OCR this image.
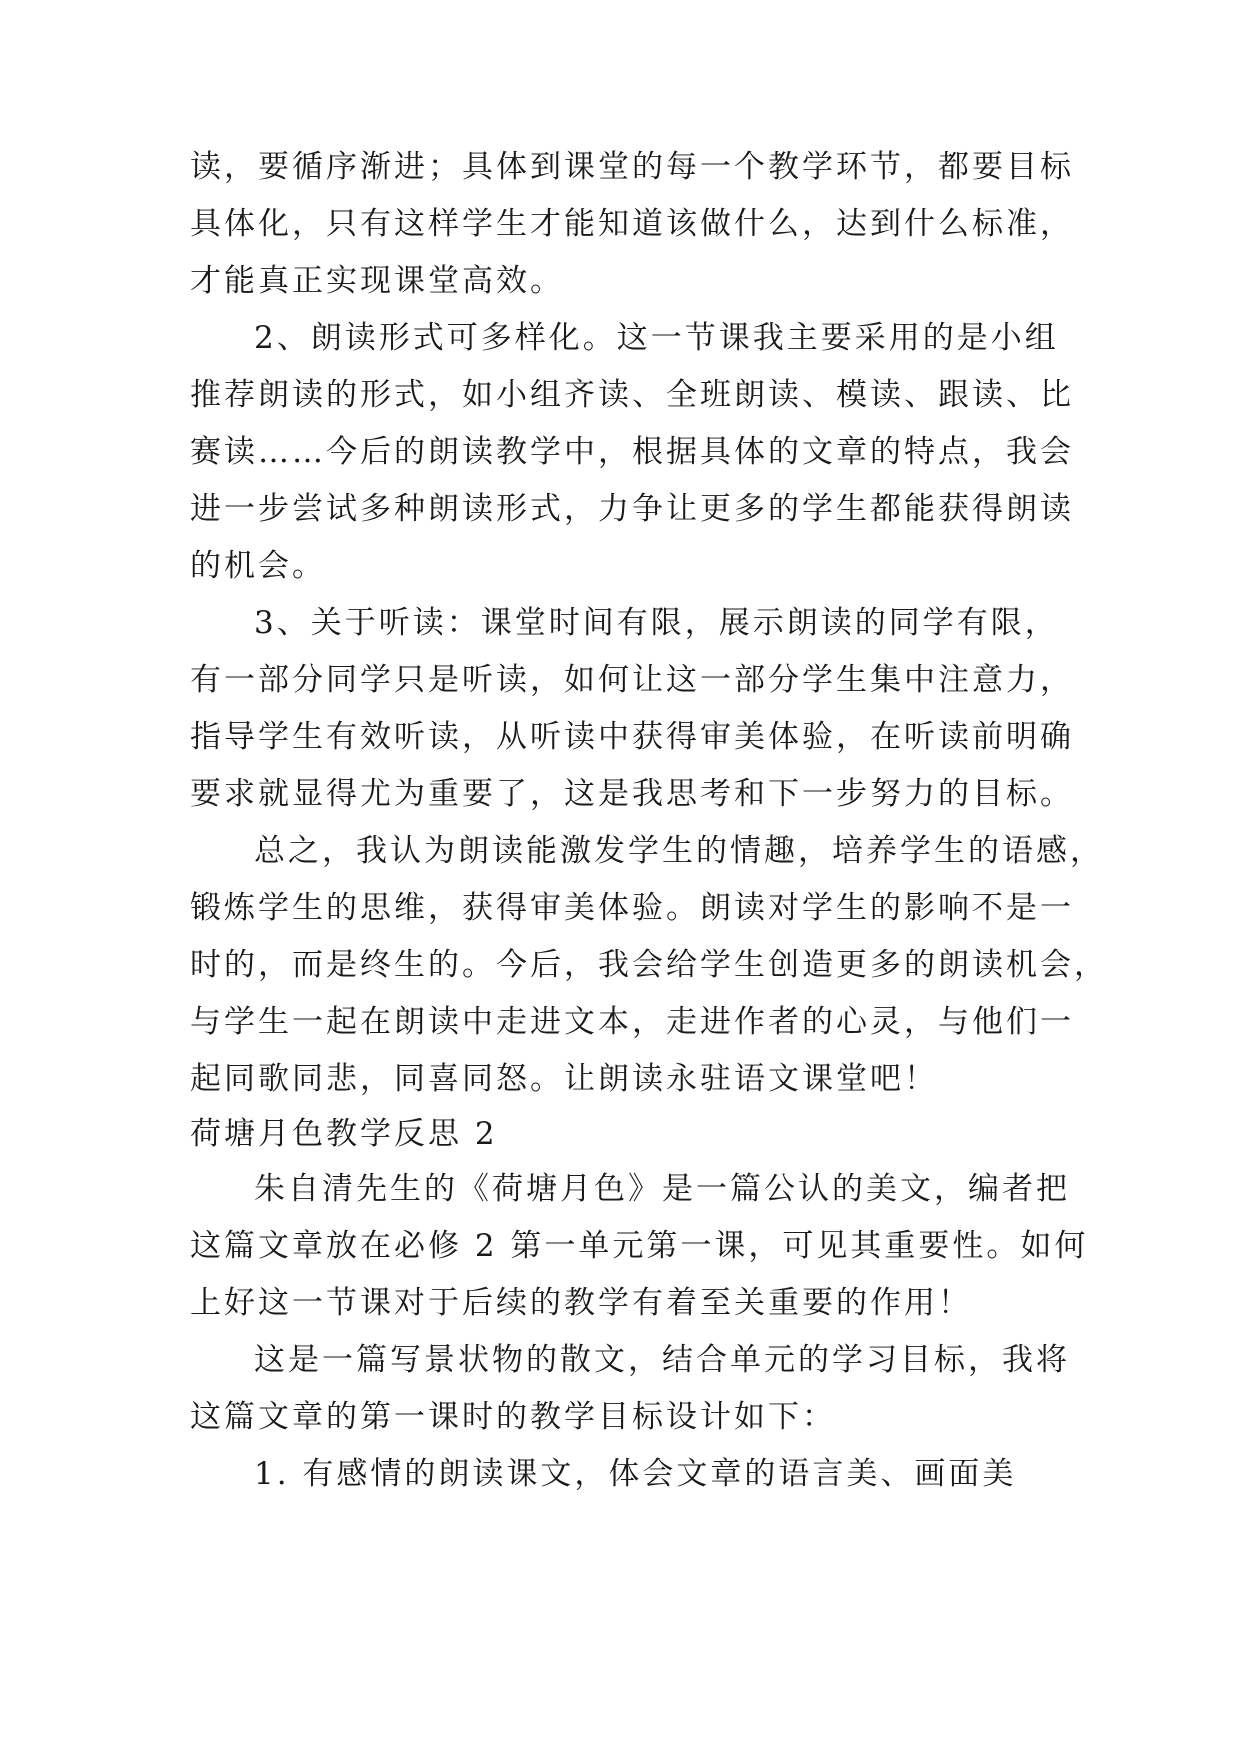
读，要循序渐进；具体到课堂的每一个教学环节，都要目标

具体化，只有这样学生才能知道该做什么，达到什么标准，

才能真正实现课堂高效。

2、朗读形式可多样化。这一节课我主要采用的是小组

推荐朗读的形式，如小组齐读、全班朗读、模读、跟读、比

赛读……今后的朗读教学中，根据具体的文章的特点，我会

进一步尝试多种朗读形式，力争让更多的学生都能获得朗读

的机会。

3、关于听读：课堂时间有限，展示朗读的同学有限，

有一部分同学只是听读，如何让这一部分学生集中注意力，

指导学生有效听读，从听读中获得审美体验，在听读前明确

要求就显得尤为重要了，这是我思考和下一步努力的目标。

总之，我认为朗读能激发学生的情趣，培养学生的语感，

锻炼学生的思维，获得审美体验。朗读对学生的影响不是一

时的，而是终生的。今后，我会给学生创造更多的朗读机会，

与学生一起在朗读中走进文本，走进作者的心灵，与他们一

起同歌同悲，同喜同怒。让朗读永驻语文课堂吧！

荷塘月色教学反思 2

朱自清先生的《荷塘月色》是一篇公认的美文，编者把

这篇文章放在必修 2 第一单元第一课，可见其重要性。如何

上好这一节课对于后续的教学有着至关重要的作用！

这是一篇写景状物的散文，结合单元的学习目标，我将

这篇文章的第一课时的教学目标设计如下：

1. 有感情的朗读课文，体会文章的语言美、画面美
